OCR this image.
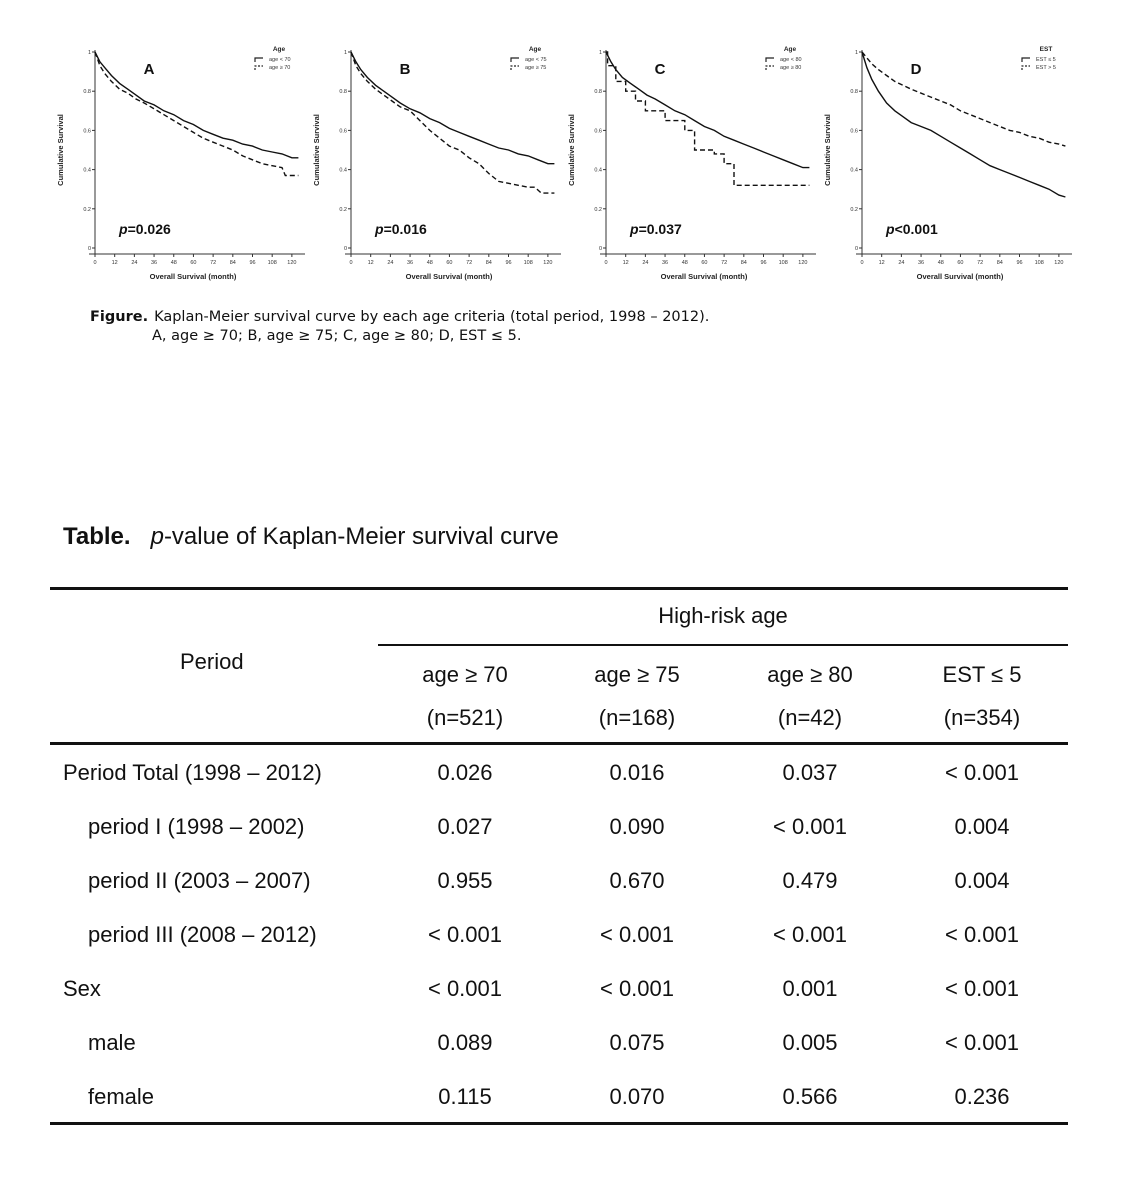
0
0.2
0.4
0.6
0.8
1
0	12 24 36 48 60 72 84 96 108 120
Overall Survival (month)
Cumulative Survival
A
Age
age < 70
age ≥ 70
p=0.026
0
0.2
0.4
0.6
0.8
1
0	12 24 36 48 60 72 84 96 108 120
Overall Survival (month)
Cumulative Survival
B
Age
age < 75
age ≥ 75
p=0.016
0
0.2
0.4
0.6
0.8
1
0	12 24 36 48 60 72 84 96 108 120
Overall Survival (month)
Cumulative Survival
C
Age
age < 80
age ≥ 80
p=0.037
0
0.2
0.4
0.6
0.8
1
0	12 24 36 48 60 72 84 96 108 120
Overall Survival (month)
Cumulative Survival
D
EST
EST ≤ 5
EST > 5
p<0.001
Figure. Kaplan-Meier survival curve by each age criteria (total period, 1998 – 2012).
A, age ≥ 70; B, age ≥ 75; C, age ≥ 80; D, EST ≤ 5.
Table. p-value of Kaplan-Meier survival curve
High-risk age
Period
age ≥ 70
(n=521)
age ≥ 75
(n=168)
age ≥ 80
(n=42)
EST ≤ 5
(n=354)
Period Total (1998 – 2012)	0.026	0.016	0.037	< 0.001
period I (1998 – 2002)	0.027	0.090	< 0.001	0.004
period II (2003 – 2007)	0.955	0.670	0.479	0.004
period III (2008 – 2012)	< 0.001	< 0.001	< 0.001	< 0.001
Sex	< 0.001	< 0.001	0.001	< 0.001
male	0.089	0.075	0.005	< 0.001
female	0.115	0.070	0.566	0.236
